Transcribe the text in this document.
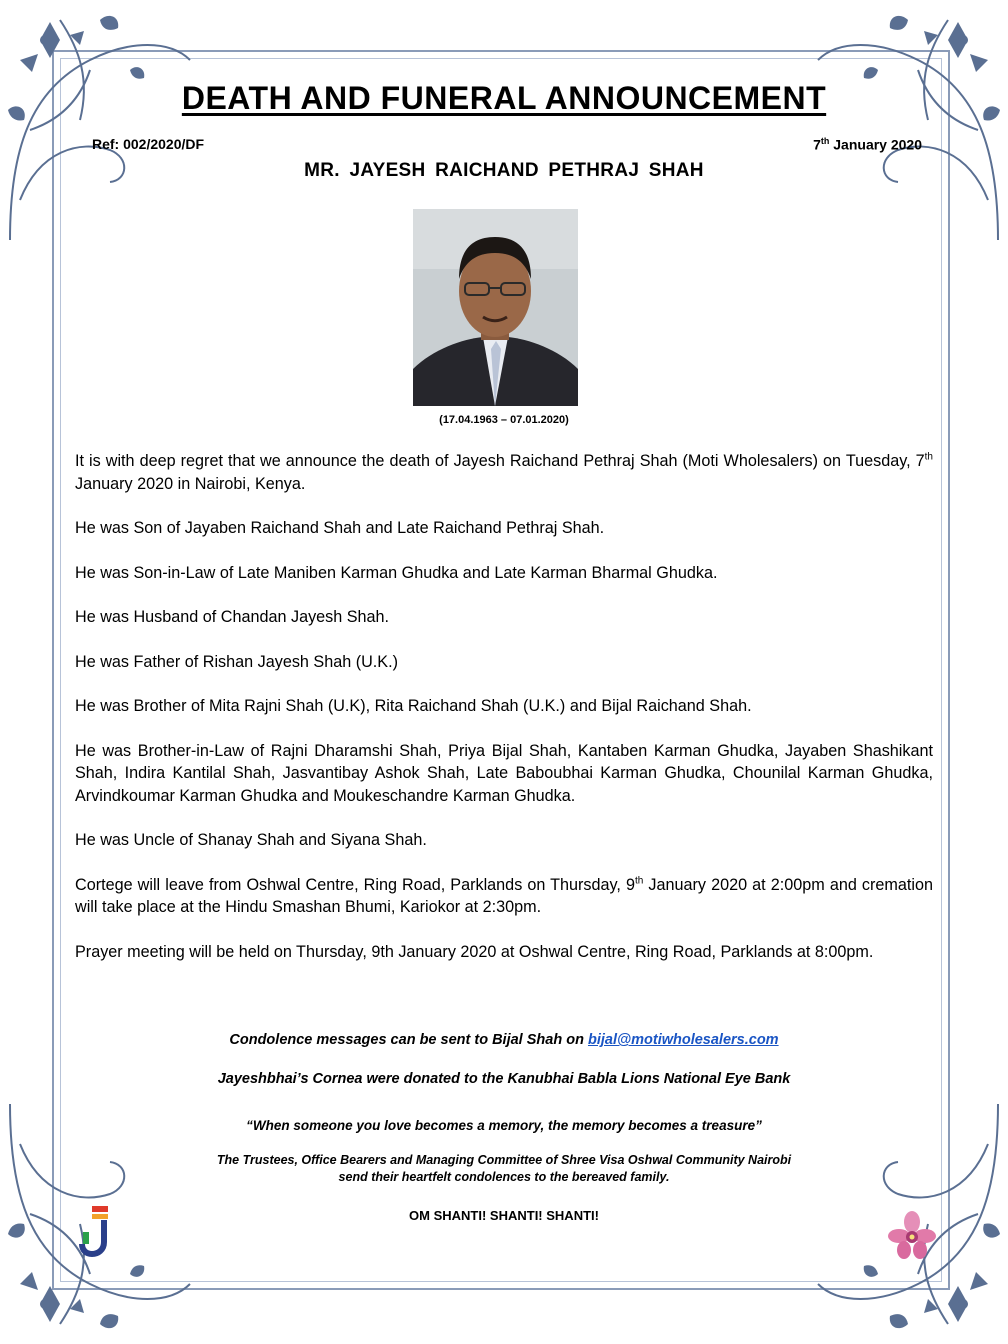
DEATH AND FUNERAL ANNOUNCEMENT
Ref: 002/2020/DF	7th January 2020
MR. JAYESH RAICHAND PETHRAJ SHAH
(17.04.1963 – 07.01.2020)

It is with deep regret that we announce the death of Jayesh Raichand Pethraj Shah (Moti Wholesalers) on Tuesday, 7th January 2020 in Nairobi, Kenya.

He was Son of Jayaben Raichand Shah and Late Raichand Pethraj Shah.

He was Son-in-Law of Late Maniben Karman Ghudka and Late Karman Bharmal Ghudka.

He was Husband of Chandan Jayesh Shah.

He was Father of Rishan Jayesh Shah (U.K.)

He was Brother of Mita Rajni Shah (U.K), Rita Raichand Shah (U.K.) and Bijal Raichand Shah.

He was Brother-in-Law of Rajni Dharamshi Shah, Priya Bijal Shah, Kantaben Karman Ghudka, Jayaben Shashikant Shah, Indira Kantilal Shah, Jasvantibay Ashok Shah, Late Baboubhai Karman Ghudka, Chounilal Karman Ghudka, Arvindkoumar Karman Ghudka and Moukeschandre Karman Ghudka.

He was Uncle of Shanay Shah and Siyana Shah.

Cortege will leave from Oshwal Centre, Ring Road, Parklands on Thursday, 9th January 2020 at 2:00pm and cremation will take place at the Hindu Smashan Bhumi, Kariokor at 2:30pm.

Prayer meeting will be held on Thursday, 9th January 2020 at Oshwal Centre, Ring Road, Parklands at 8:00pm.

Condolence messages can be sent to Bijal Shah on bijal@motiwholesalers.com
Jayeshbhai’s Cornea were donated to the Kanubhai Babla Lions National Eye Bank
“When someone you love becomes a memory, the memory becomes a treasure”
The Trustees, Office Bearers and Managing Committee of Shree Visa Oshwal Community Nairobi
send their heartfelt condolences to the bereaved family.
OM SHANTI! SHANTI! SHANTI!
